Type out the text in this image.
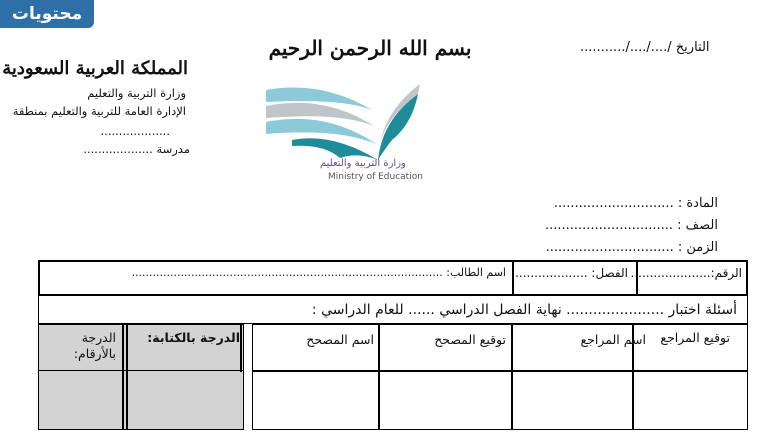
محتويات
المملكة العربية السعودية
وزارة التربية والتعليم
الإدارة العامة للتربية والتعليم بمنطقة
...................
مدرسة ...................
بسم الله الرحمن الرحيم
وزارة التربية والتعليم
Ministry of Education
التاريخ /..../..../...........
المادة : .............................
الصف : ...............................
الزمن : ...............................
الرقم:.....................
الفصل: ...................
اسم الطالب: .........................................................................................
أسئلة اختبار ...................... نهاية الفصل الدراسي ...... للعام الدراسي :
توقيع المراجع
اسم المراجع
توقيع المصحح
اسم المصحح
الدرجة بالكتابة:
الدرجة بالأرقام:
